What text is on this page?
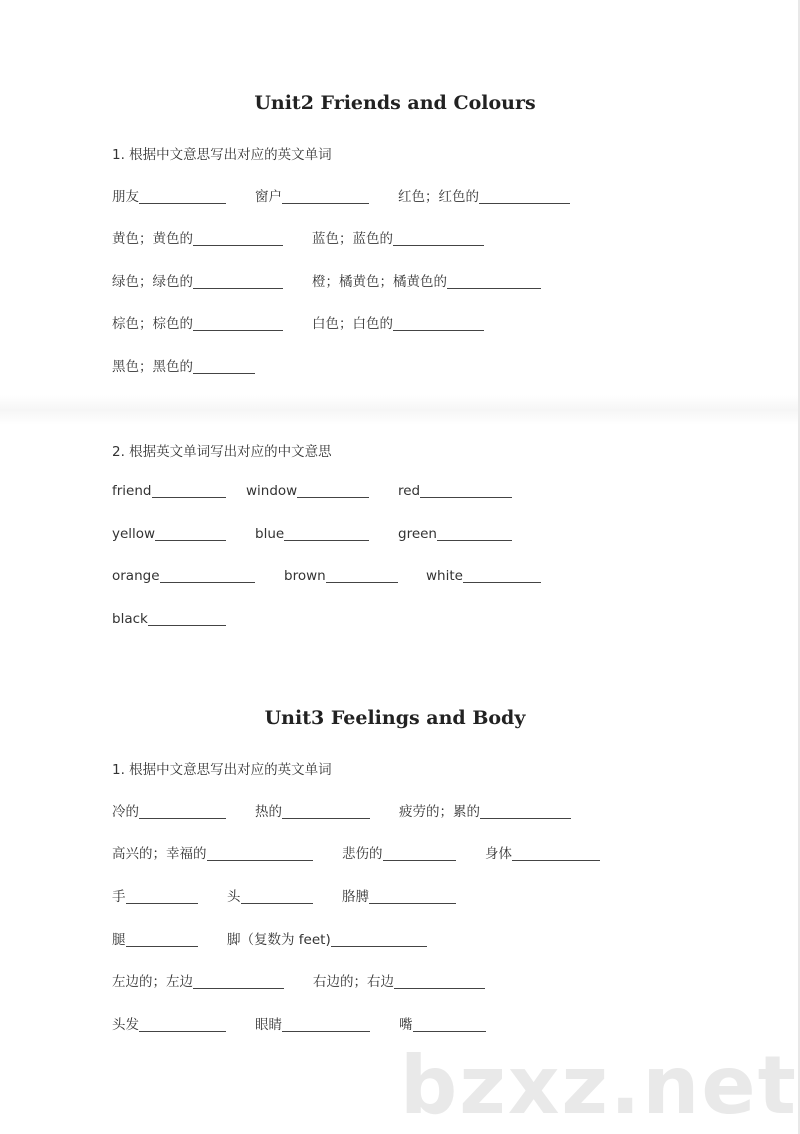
Unit2 Friends and Colours
1. 根据中文意思写出对应的英文单词
朋友	窗户	红色；红色的
黄色；黄色的	蓝色；蓝色的
绿色；绿色的	橙；橘黄色；橘黄色的
棕色；棕色的	白色；白色的
黑色；黑色的
2. 根据英文单词写出对应的中文意思
friend	window	red
yellow	blue	green
orange	brown	white
black
Unit3 Feelings and Body
1. 根据中文意思写出对应的英文单词
冷的	热的	疲劳的；累的
高兴的；幸福的	悲伤的	身体
手	头	胳膊
腿	脚（复数为 feet)
左边的；左边	右边的；右边
头发	眼睛	嘴
bzxz.net
